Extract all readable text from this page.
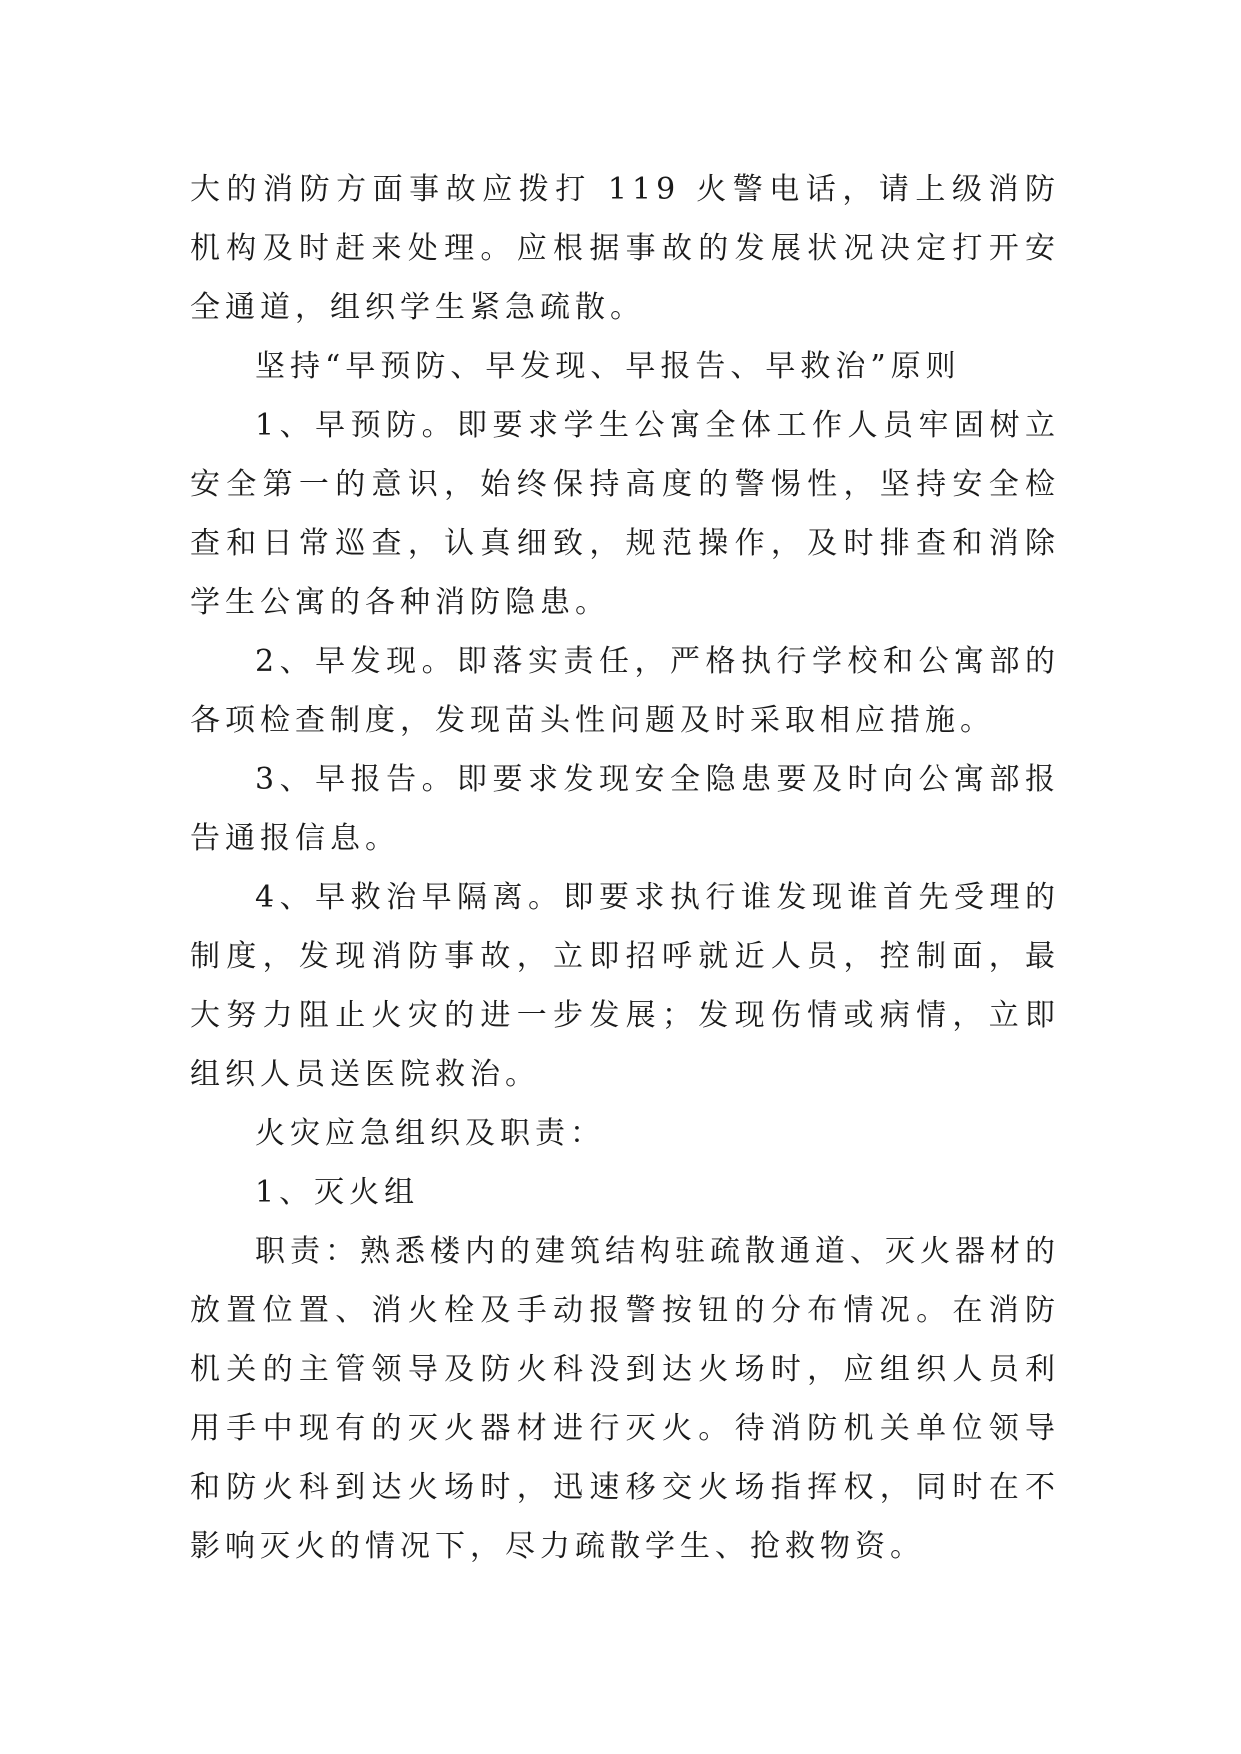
大的消防方面事故应拨打 119 火警电话，请上级消防机构及时赶来处理。应根据事故的发展状况决定打开安全通道，组织学生紧急疏散。

坚持“早预防、早发现、早报告、早救治”原则

1、早预防。即要求学生公寓全体工作人员牢固树立安全第一的意识，始终保持高度的警惕性，坚持安全检查和日常巡查，认真细致，规范操作，及时排查和消除学生公寓的各种消防隐患。

2、早发现。即落实责任，严格执行学校和公寓部的各项检查制度，发现苗头性问题及时采取相应措施。

3、早报告。即要求发现安全隐患要及时向公寓部报告通报信息。

4、早救治早隔离。即要求执行谁发现谁首先受理的制度，发现消防事故，立即招呼就近人员，控制面，最大努力阻止火灾的进一步发展；发现伤情或病情，立即组织人员送医院救治。

火灾应急组织及职责：

1、灭火组

职责：熟悉楼内的建筑结构驻疏散通道、灭火器材的放置位置、消火栓及手动报警按钮的分布情况。在消防机关的主管领导及防火科没到达火场时，应组织人员利用手中现有的灭火器材进行灭火。待消防机关单位领导和防火科到达火场时，迅速移交火场指挥权，同时在不影响灭火的情况下，尽力疏散学生、抢救物资。
